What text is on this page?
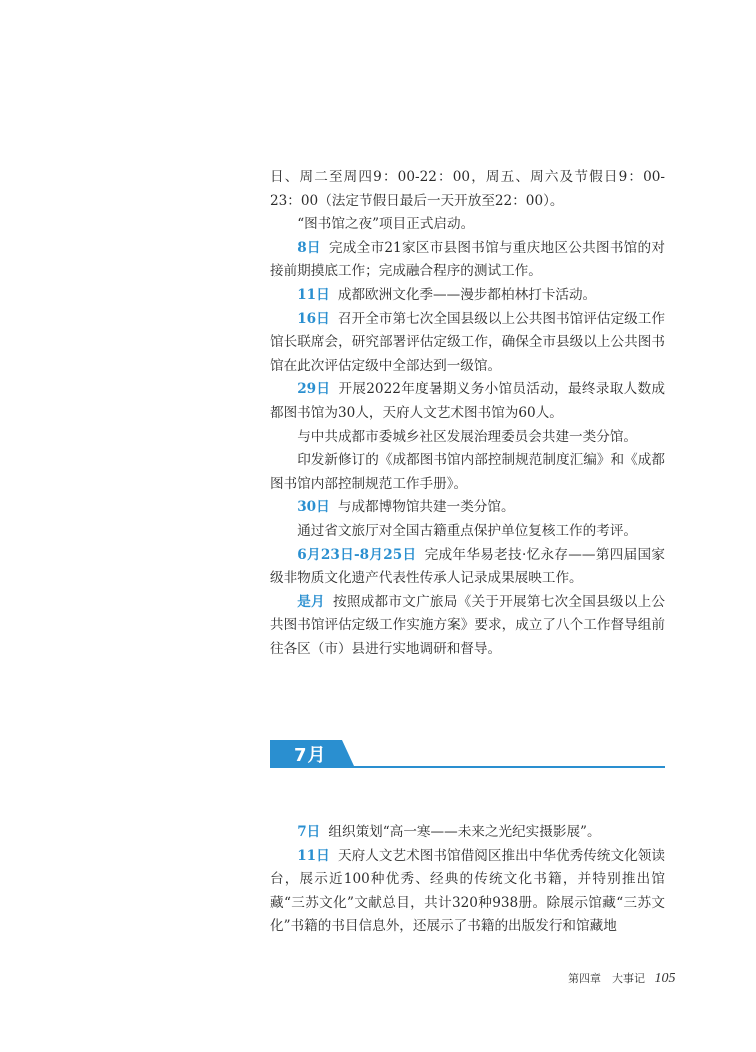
日、周二至周四9：00-22：00，周五、周六及节假日9：00-23：00（法定节假日最后一天开放至22：00）。

“图书馆之夜”项目正式启动。

8日 完成全市21家区市县图书馆与重庆地区公共图书馆的对接前期摸底工作；完成融合程序的测试工作。

11日 成都欧洲文化季——漫步都柏林打卡活动。

16日 召开全市第七次全国县级以上公共图书馆评估定级工作馆长联席会，研究部署评估定级工作，确保全市县级以上公共图书馆在此次评估定级中全部达到一级馆。

29日 开展2022年度暑期义务小馆员活动，最终录取人数成都图书馆为30人，天府人文艺术图书馆为60人。

与中共成都市委城乡社区发展治理委员会共建一类分馆。

印发新修订的《成都图书馆内部控制规范制度汇编》和《成都图书馆内部控制规范工作手册》。

30日 与成都博物馆共建一类分馆。

通过省文旅厅对全国古籍重点保护单位复核工作的考评。

6月23日-8月25日 完成年华易老技·忆永存——第四届国家级非物质文化遗产代表性传承人记录成果展映工作。

是月 按照成都市文广旅局《关于开展第七次全国县级以上公共图书馆评估定级工作实施方案》要求，成立了八个工作督导组前往各区（市）县进行实地调研和督导。

7月

7日 组织策划“高一寒——未来之光纪实摄影展”。

11日 天府人文艺术图书馆借阅区推出中华优秀传统文化领读台，展示近100种优秀、经典的传统文化书籍，并特别推出馆藏“三苏文化”文献总目，共计320种938册。除展示馆藏“三苏文化”书籍的书目信息外，还展示了书籍的出版发行和馆藏地

第四章　大事记 105
